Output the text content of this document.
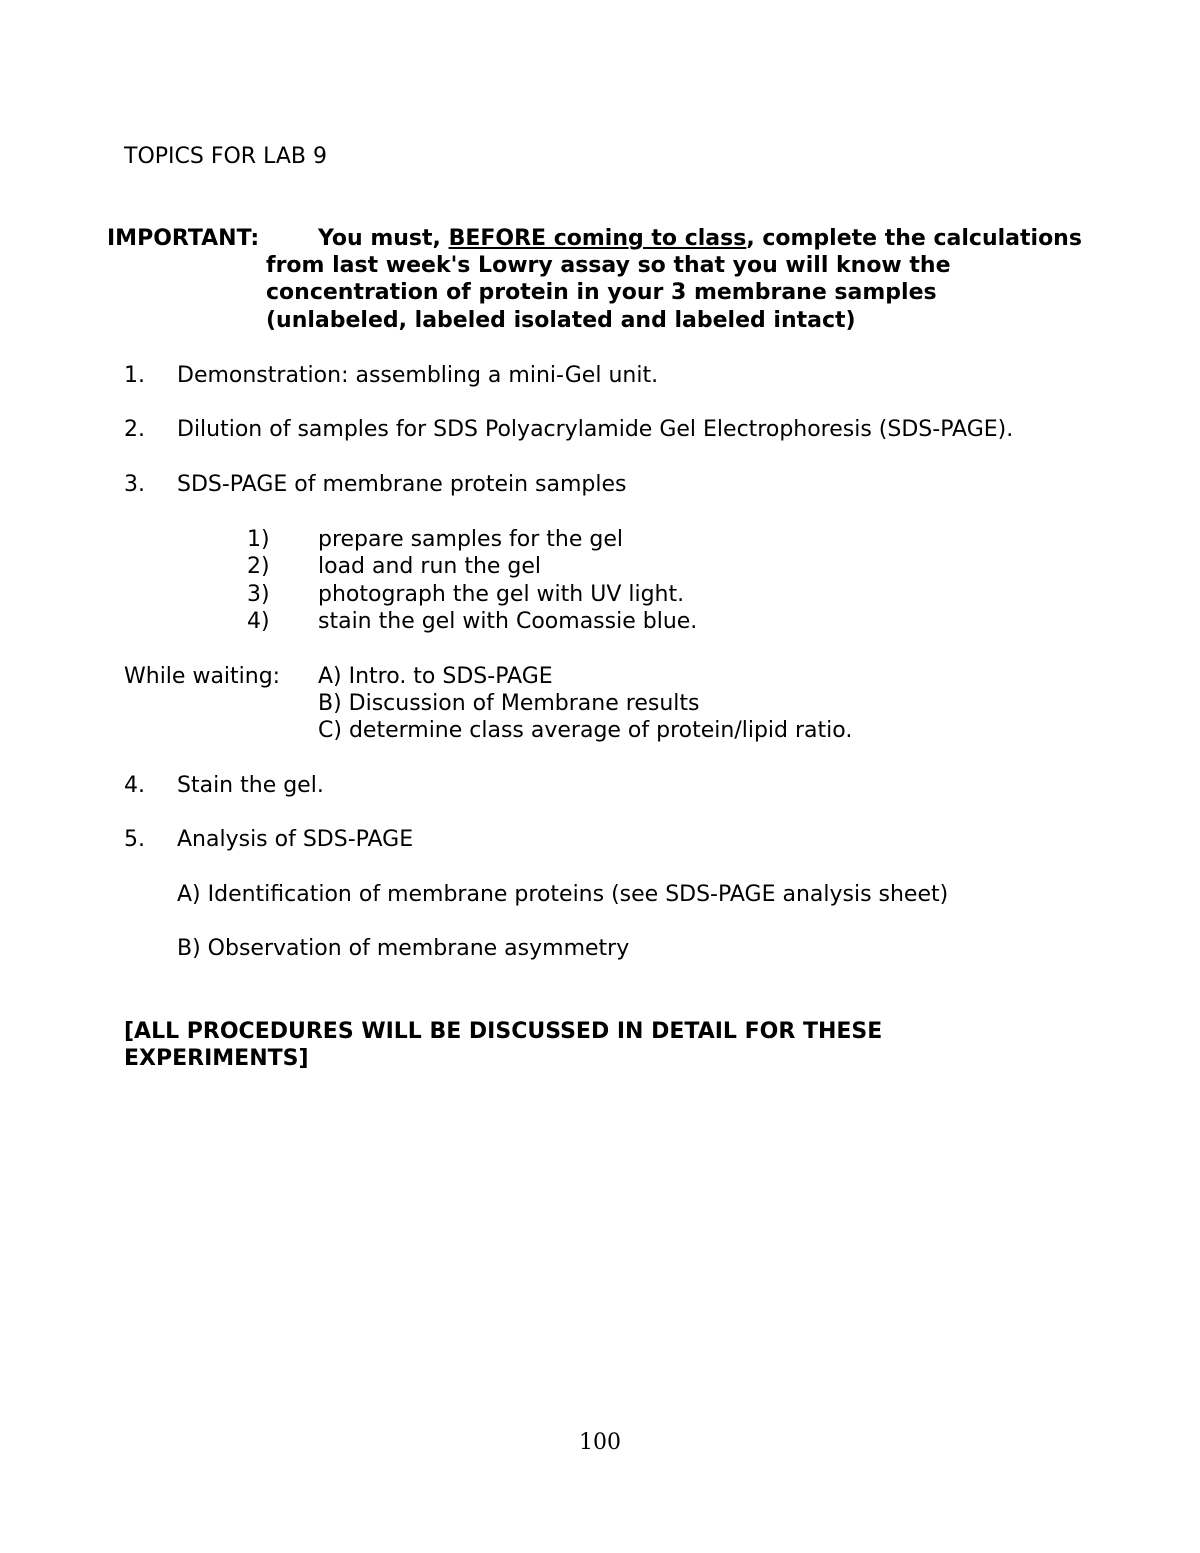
TOPICS FOR LAB 9
IMPORTANT:	You must, BEFORE coming to class, complete the calculations
from last week's Lowry assay so that you will know the
concentration of protein in your 3 membrane samples
(unlabeled, labeled isolated and labeled intact)
1. Demonstration: assembling a mini-Gel unit.
2. Dilution of samples for SDS Polyacrylamide Gel Electrophoresis (SDS-PAGE).
3. SDS-PAGE of membrane protein samples
1) prepare samples for the gel
2) load and run the gel
3) photograph the gel with UV light.
4) stain the gel with Coomassie blue.
While waiting: A) Intro. to SDS-PAGE
B) Discussion of Membrane results
C) determine class average of protein/lipid ratio.
4. Stain the gel.
5. Analysis of SDS-PAGE
A) Identification of membrane proteins (see SDS-PAGE analysis sheet)
B) Observation of membrane asymmetry
[ALL PROCEDURES WILL BE DISCUSSED IN DETAIL FOR THESE
EXPERIMENTS]
100
